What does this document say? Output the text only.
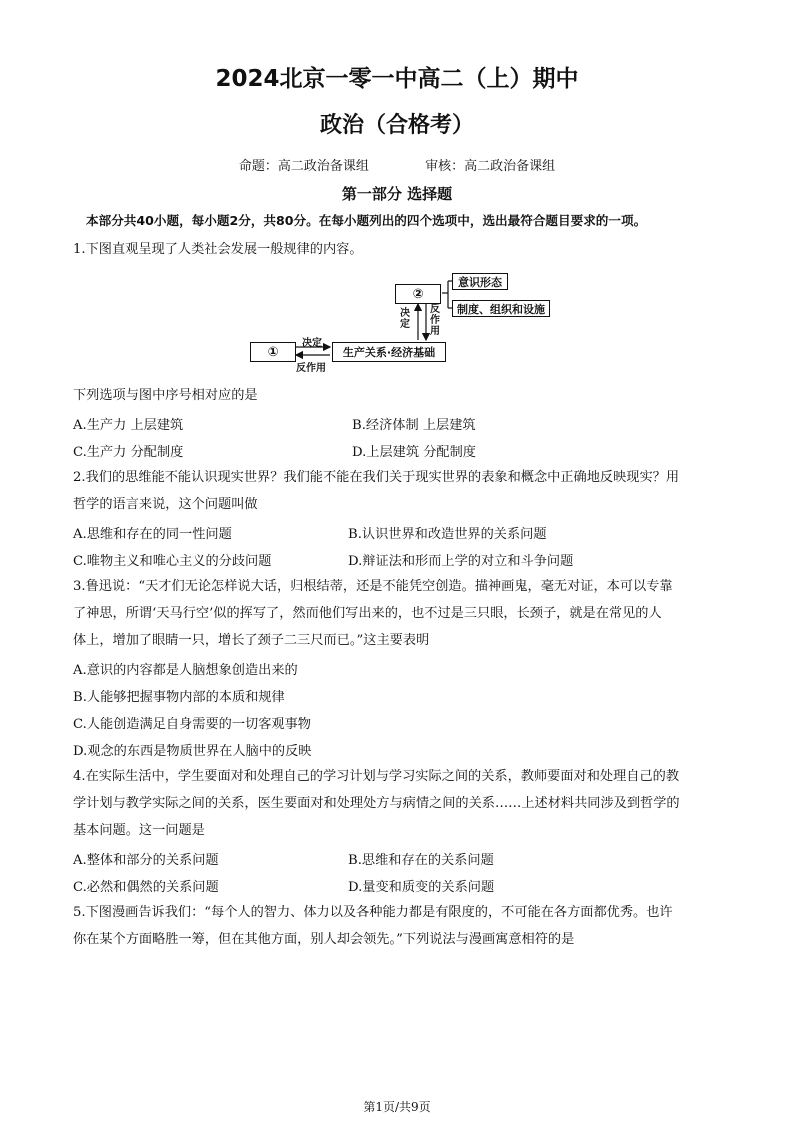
2024北京一零一中高二（上）期中
政治（合格考）
命题：高二政治备课组	审核：高二政治备课组
第一部分 选择题
本部分共40小题，每小题2分，共80分。在每小题列出的四个选项中，选出最符合题目要求的一项。
1.下图直观呈现了人类社会发展一般规律的内容。
①
②
生产关系·经济基础
意识形态
制度、组织和设施
决定
反作用
决定
反作用
下列选项与图中序号相对应的是
A.生产力 上层建筑	B.经济体制 上层建筑
C.生产力 分配制度	D.上层建筑 分配制度
2.我们的思维能不能认识现实世界？我们能不能在我们关于现实世界的表象和概念中正确地反映现实？用
哲学的语言来说，这个问题叫做
A.思维和存在的同一性问题	B.认识世界和改造世界的关系问题
C.唯物主义和唯心主义的分歧问题	D.辩证法和形而上学的对立和斗争问题
3.鲁迅说：“天才们无论怎样说大话，归根结蒂，还是不能凭空创造。描神画鬼，毫无对证，本可以专靠
了神思，所谓‘天马行空’似的挥写了，然而他们写出来的，也不过是三只眼，长颈子，就是在常见的人
体上，增加了眼睛一只，增长了颈子二三尺而已。”这主要表明
A.意识的内容都是人脑想象创造出来的
B.人能够把握事物内部的本质和规律
C.人能创造满足自身需要的一切客观事物
D.观念的东西是物质世界在人脑中的反映
4.在实际生活中，学生要面对和处理自己的学习计划与学习实际之间的关系，教师要面对和处理自己的教
学计划与教学实际之间的关系，医生要面对和处理处方与病情之间的关系……上述材料共同涉及到哲学的
基本问题。这一问题是
A.整体和部分的关系问题	B.思维和存在的关系问题
C.必然和偶然的关系问题	D.量变和质变的关系问题
5.下图漫画告诉我们：“每个人的智力、体力以及各种能力都是有限度的，不可能在各方面都优秀。也许
你在某个方面略胜一筹，但在其他方面，别人却会领先。”下列说法与漫画寓意相符的是
第1页/共9页
